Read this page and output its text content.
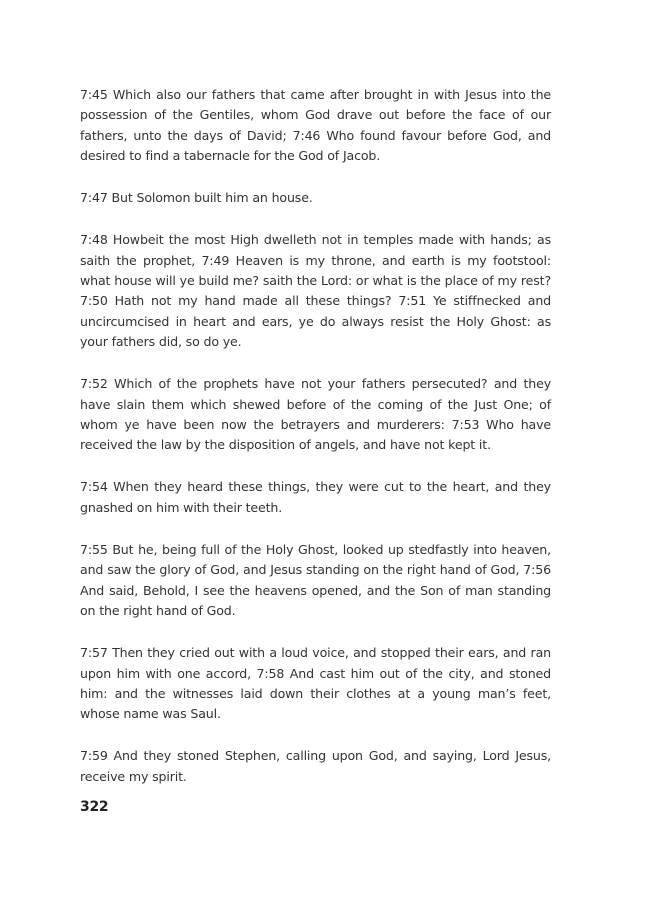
7:45 Which also our fathers that came after brought in with Jesus into the possession of the Gentiles, whom God drave out before the face of our fathers, unto the days of David; 7:46 Who found favour before God, and desired to find a tabernacle for the God of Jacob.

7:47 But Solomon built him an house.

7:48 Howbeit the most High dwelleth not in temples made with hands; as saith the prophet, 7:49 Heaven is my throne, and earth is my footstool: what house will ye build me? saith the Lord: or what is the place of my rest? 7:50 Hath not my hand made all these things? 7:51 Ye stiffnecked and uncircumcised in heart and ears, ye do always resist the Holy Ghost: as your fathers did, so do ye.

7:52 Which of the prophets have not your fathers persecuted? and they have slain them which shewed before of the coming of the Just One; of whom ye have been now the betrayers and murderers: 7:53 Who have received the law by the disposition of angels, and have not kept it.

7:54 When they heard these things, they were cut to the heart, and they gnashed on him with their teeth.

7:55 But he, being full of the Holy Ghost, looked up stedfastly into heaven, and saw the glory of God, and Jesus standing on the right hand of God, 7:56 And said, Behold, I see the heavens opened, and the Son of man standing on the right hand of God.

7:57 Then they cried out with a loud voice, and stopped their ears, and ran upon him with one accord, 7:58 And cast him out of the city, and stoned him: and the witnesses laid down their clothes at a young man’s feet, whose name was Saul.

7:59 And they stoned Stephen, calling upon God, and saying, Lord Jesus, receive my spirit.

322
